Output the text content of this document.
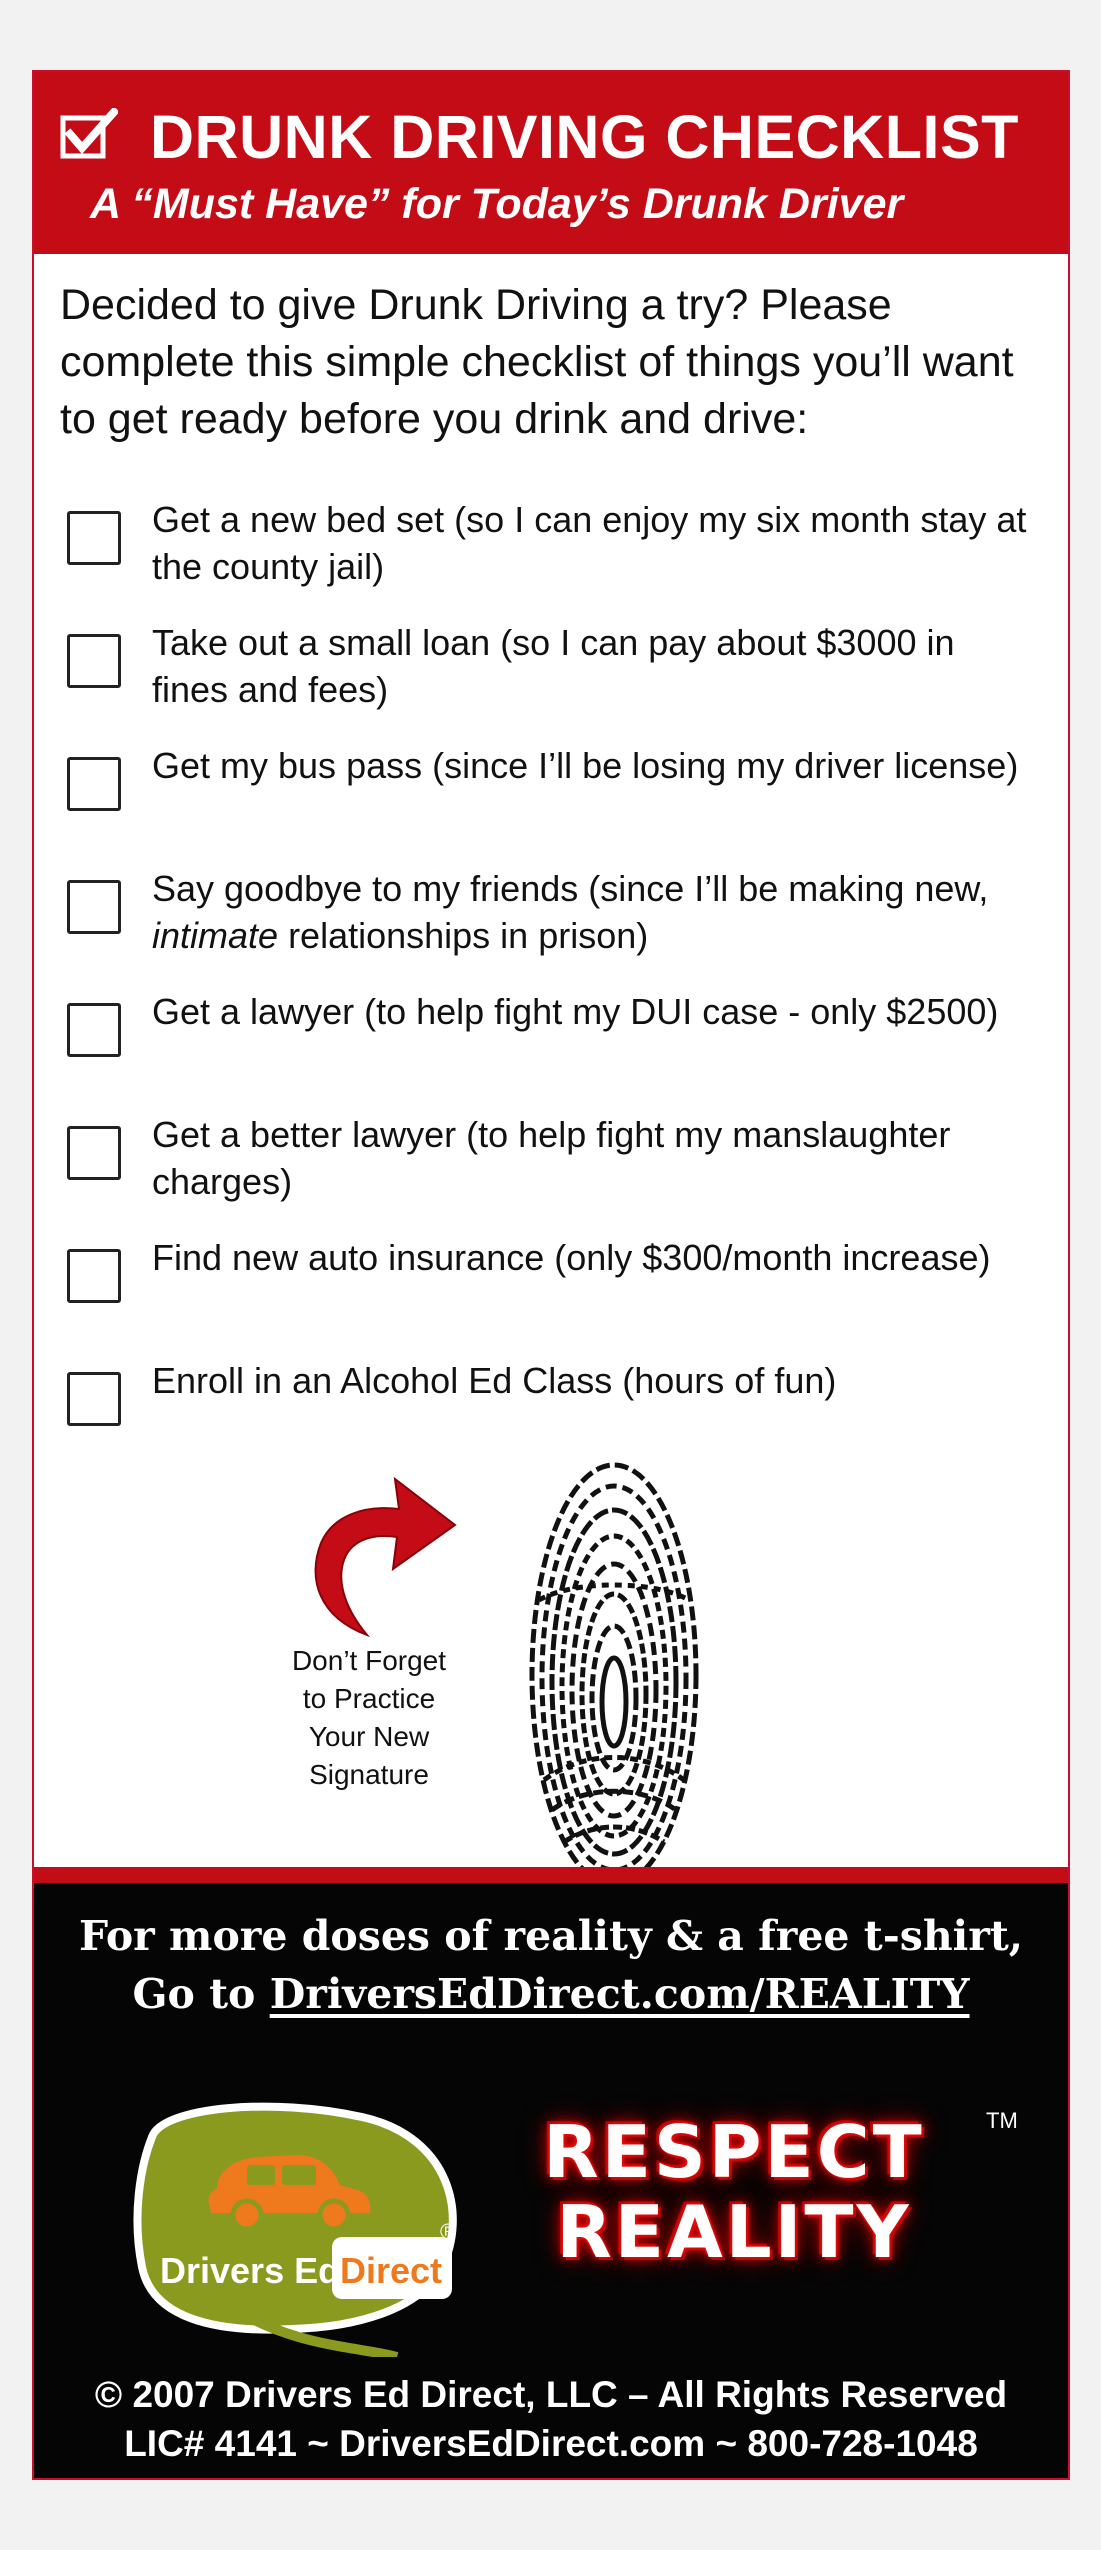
DRUNK DRIVING CHECKLIST
A “Must Have” for Today’s Drunk Driver
Decided to give Drunk Driving a try? Please complete this simple checklist of things you’ll want to get ready before you drink and drive:
Get a new bed set (so I can enjoy my six month stay at the county jail)
Take out a small loan (so I can pay about $3000 in fines and fees)
Get my bus pass (since I’ll be losing my driver license)
Say goodbye to my friends (since I’ll be making new, intimate relationships in prison)
Get a lawyer (to help fight my DUI case - only $2500)
Get a better lawyer (to help fight my manslaughter charges)
Find new auto insurance (only $300/month increase)
Enroll in an Alcohol Ed Class (hours of fun)
Don’t Forget
to Practice
Your New
Signature
For more doses of reality & a free t-shirt,
Go to DriversEdDirect.com/REALITY
Drivers Ed Direct
®
RESPECT
REALITY
TM
© 2007 Drivers Ed Direct, LLC – All Rights Reserved
LIC# 4141 ~ DriversEdDirect.com ~ 800-728-1048
